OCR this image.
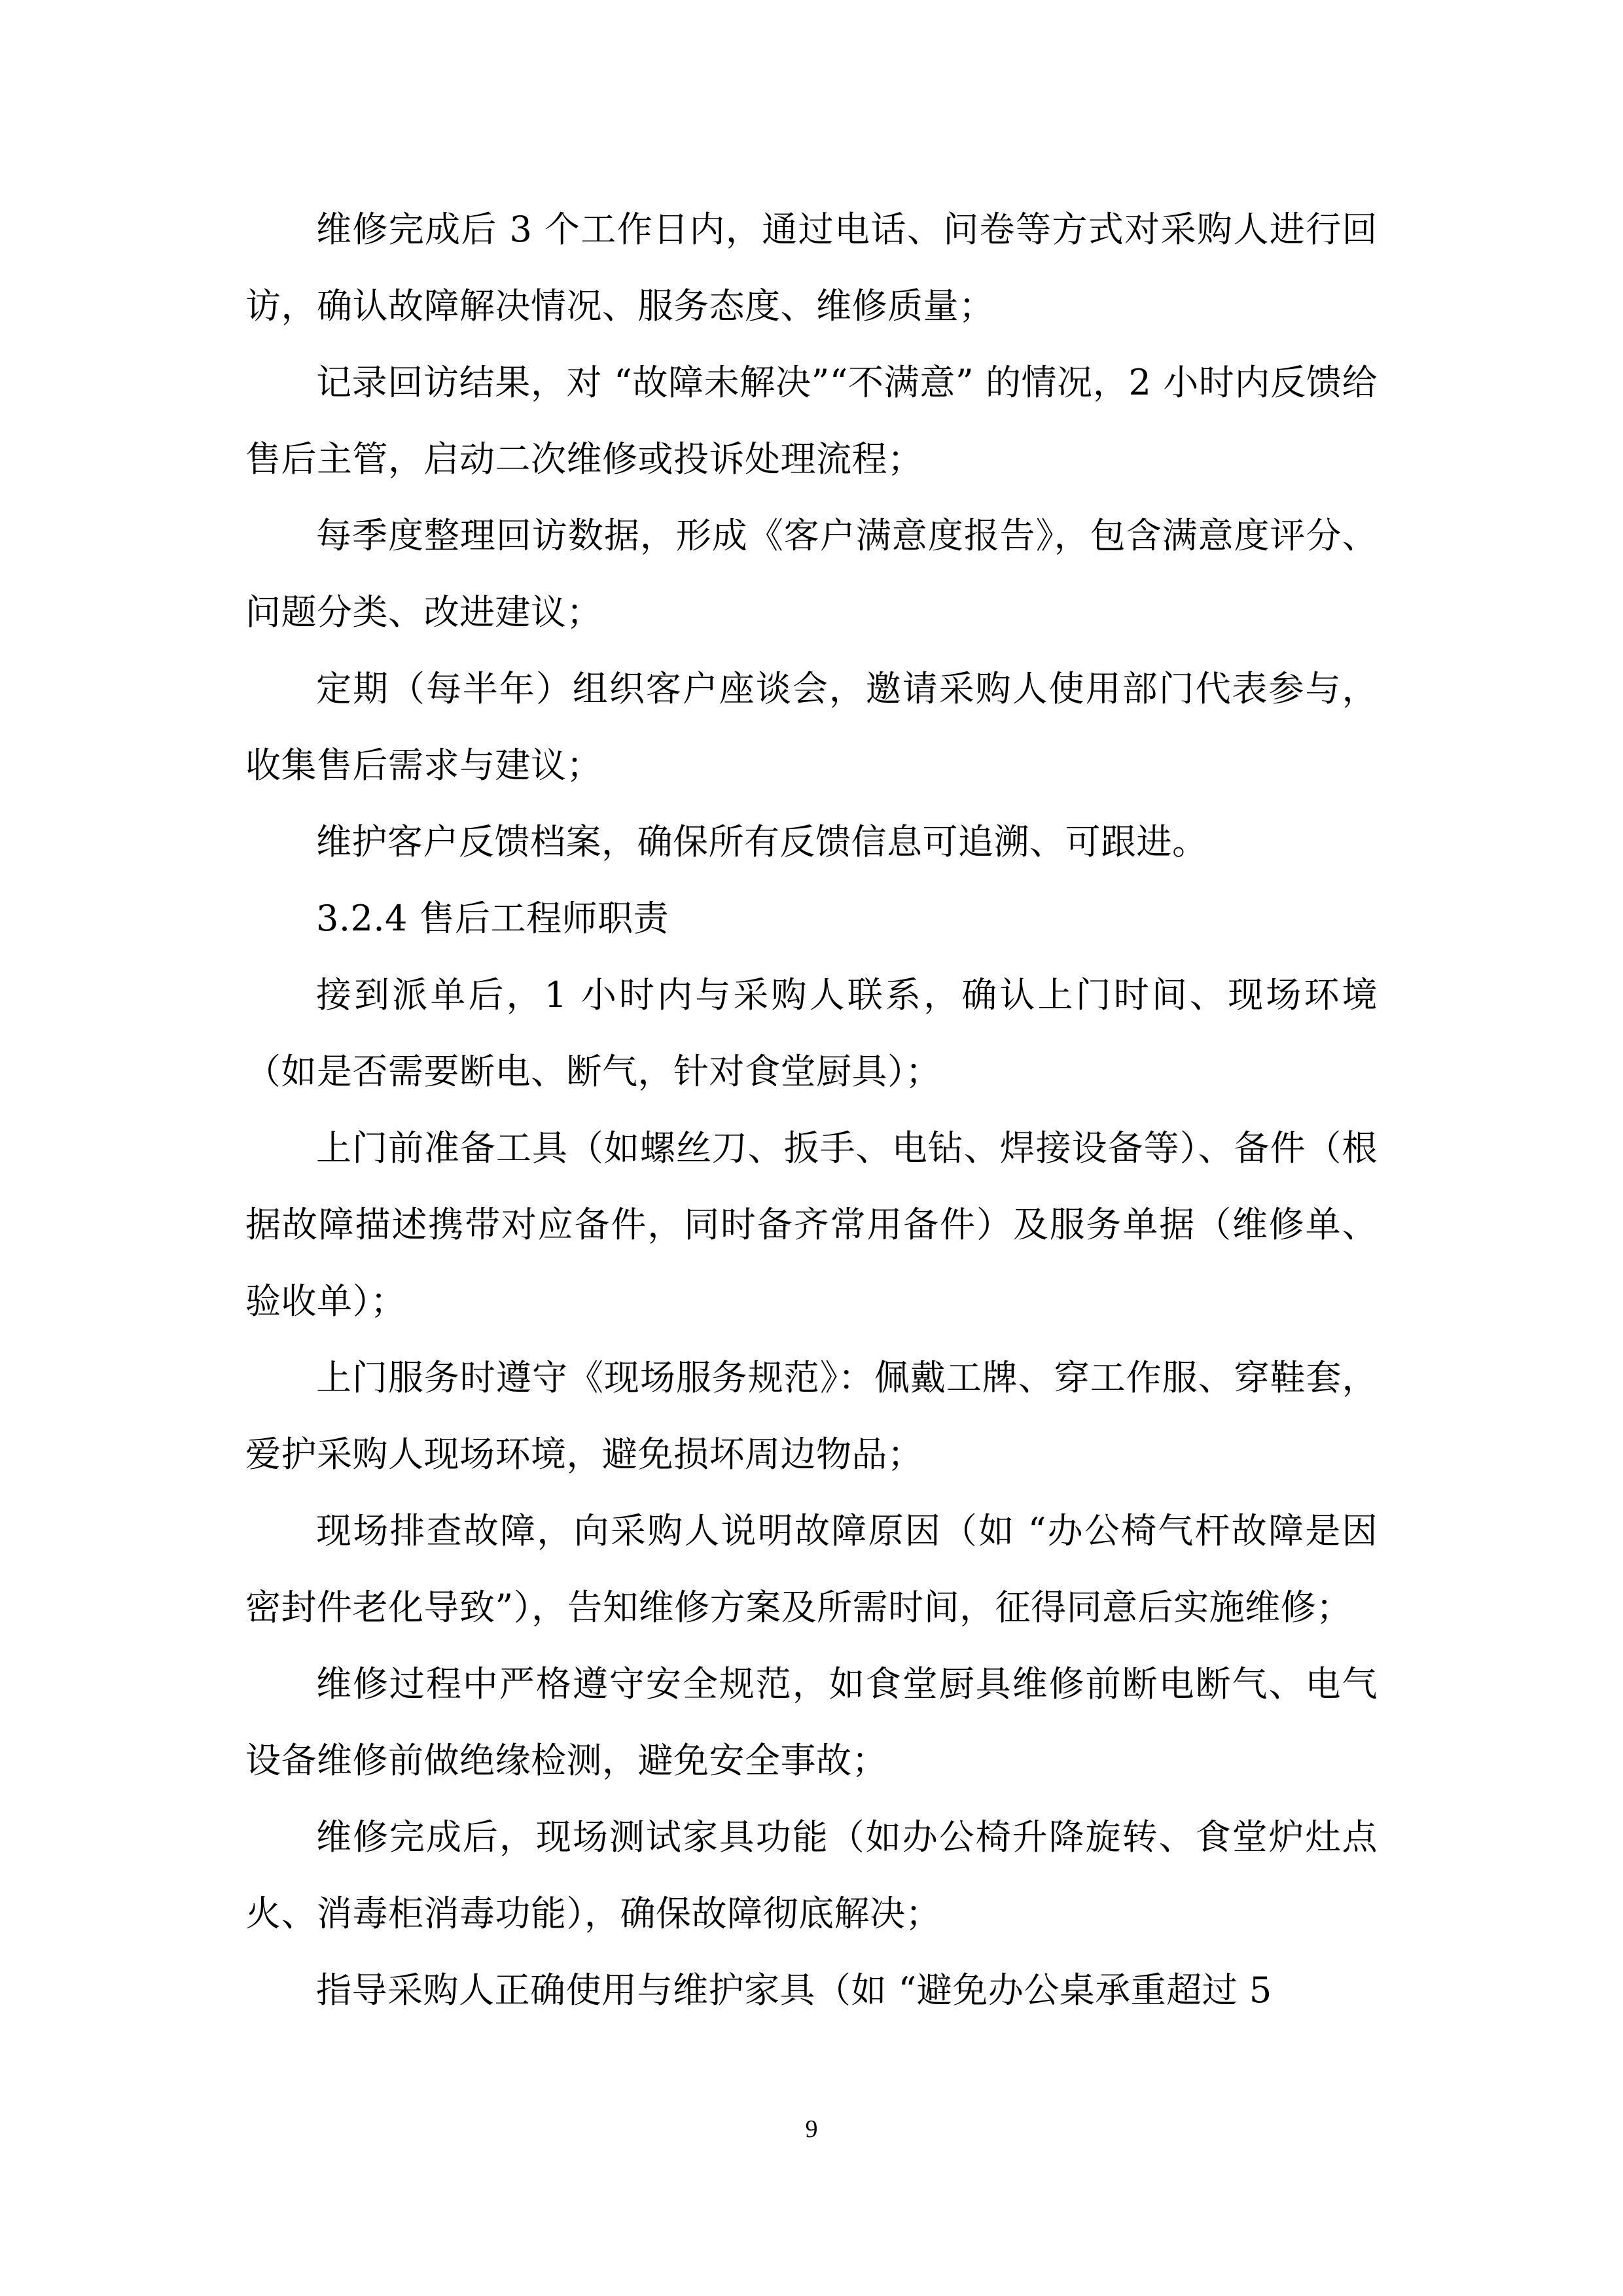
维修完成后 3 个工作日内，通过电话、问卷等方式对采购人进行回访，确认故障解决情况、服务态度、维修质量；

记录回访结果，对 “故障未解决”“不满意” 的情况，2 小时内反馈给售后主管，启动二次维修或投诉处理流程；

每季度整理回访数据，形成《客户满意度报告》，包含满意度评分、问题分类、改进建议；

定期（每半年）组织客户座谈会，邀请采购人使用部门代表参与，收集售后需求与建议；

维护客户反馈档案，确保所有反馈信息可追溯、可跟进。

3.2.4 售后工程师职责

接到派单后，1 小时内与采购人联系，确认上门时间、现场环境（如是否需要断电、断气，针对食堂厨具）；

上门前准备工具（如螺丝刀、扳手、电钻、焊接设备等）、备件（根据故障描述携带对应备件，同时备齐常用备件）及服务单据（维修单、验收单）；

上门服务时遵守《现场服务规范》：佩戴工牌、穿工作服、穿鞋套，爱护采购人现场环境，避免损坏周边物品；

现场排查故障，向采购人说明故障原因（如 “办公椅气杆故障是因密封件老化导致”），告知维修方案及所需时间，征得同意后实施维修；

维修过程中严格遵守安全规范，如食堂厨具维修前断电断气、电气设备维修前做绝缘检测，避免安全事故；

维修完成后，现场测试家具功能（如办公椅升降旋转、食堂炉灶点火、消毒柜消毒功能），确保故障彻底解决；

指导采购人正确使用与维护家具（如 “避免办公桌承重超过 5

9
